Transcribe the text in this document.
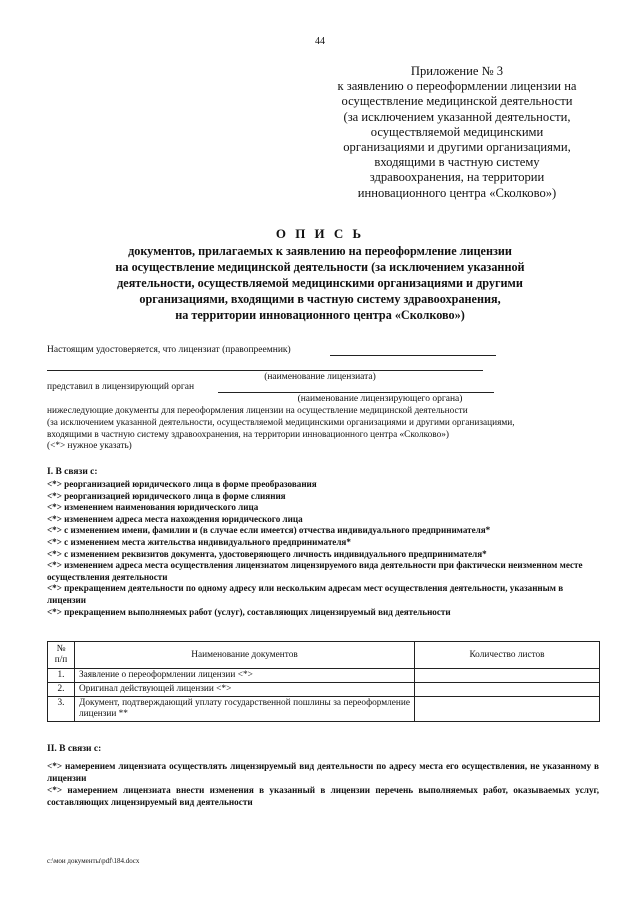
44
Приложение № 3
к заявлению о переоформлении лицензии на
осуществление медицинской деятельности
(за исключением указанной деятельности,
осуществляемой медицинскими
организациями и другими организациями,
входящими в частную систему
здравоохранения, на территории
инновационного центра «Сколково»)
О П И С Ь
документов, прилагаемых к заявлению на переоформление лицензии
на осуществление медицинской деятельности (за исключением указанной
деятельности, осуществляемой медицинскими организациями и другими
организациями, входящими в частную систему здравоохранения,
на территории инновационного центра «Сколково»)
Настоящим удостоверяется, что лицензиат (правопреемник)
(наименование лицензиата)
представил в лицензирующий орган
(наименование лицензирующего органа)
нижеследующие документы для переоформления лицензии на осуществление медицинской деятельности
(за исключением указанной деятельности, осуществляемой медицинскими организациями и другими организациями,
входящими в частную систему здравоохранения, на территории инновационного центра «Сколково»)
(<*> нужное указать)
I. В связи с:
<*> реорганизацией юридического лица в форме преобразования
<*> реорганизацией юридического лица в форме слияния
<*> изменением наименования юридического лица
<*> изменением адреса места нахождения юридического лица
<*> с изменением имени, фамилии и (в случае если имеется) отчества индивидуального предпринимателя*
<*> с изменением места жительства индивидуального предпринимателя*
<*> с изменением реквизитов документа, удостоверяющего личность индивидуального предпринимателя*
<*> изменением адреса места осуществления лицензиатом лицензируемого вида деятельности при фактически неизменном месте осуществления деятельности
<*> прекращением деятельности по одному адресу или нескольким адресам мест осуществления деятельности, указанным в лицензии
<*> прекращением выполняемых работ (услуг), составляющих лицензируемый вид деятельности
№ п/п	Наименование документов	Количество листов
1.	Заявление о переоформлении лицензии <*>	
2.	Оригинал действующей лицензии <*>	
3.	Документ, подтверждающий уплату государственной пошлины за переоформление лицензии **	
II. В связи с:
<*> намерением лицензиата осуществлять лицензируемый вид деятельности по адресу места его осуществления, не указанному в лицензии
<*> намерением лицензиата внести изменения в указанный в лицензии перечень выполняемых работ, оказываемых услуг, составляющих лицензируемый вид деятельности
c:\мои документы\pdf\184.docx
